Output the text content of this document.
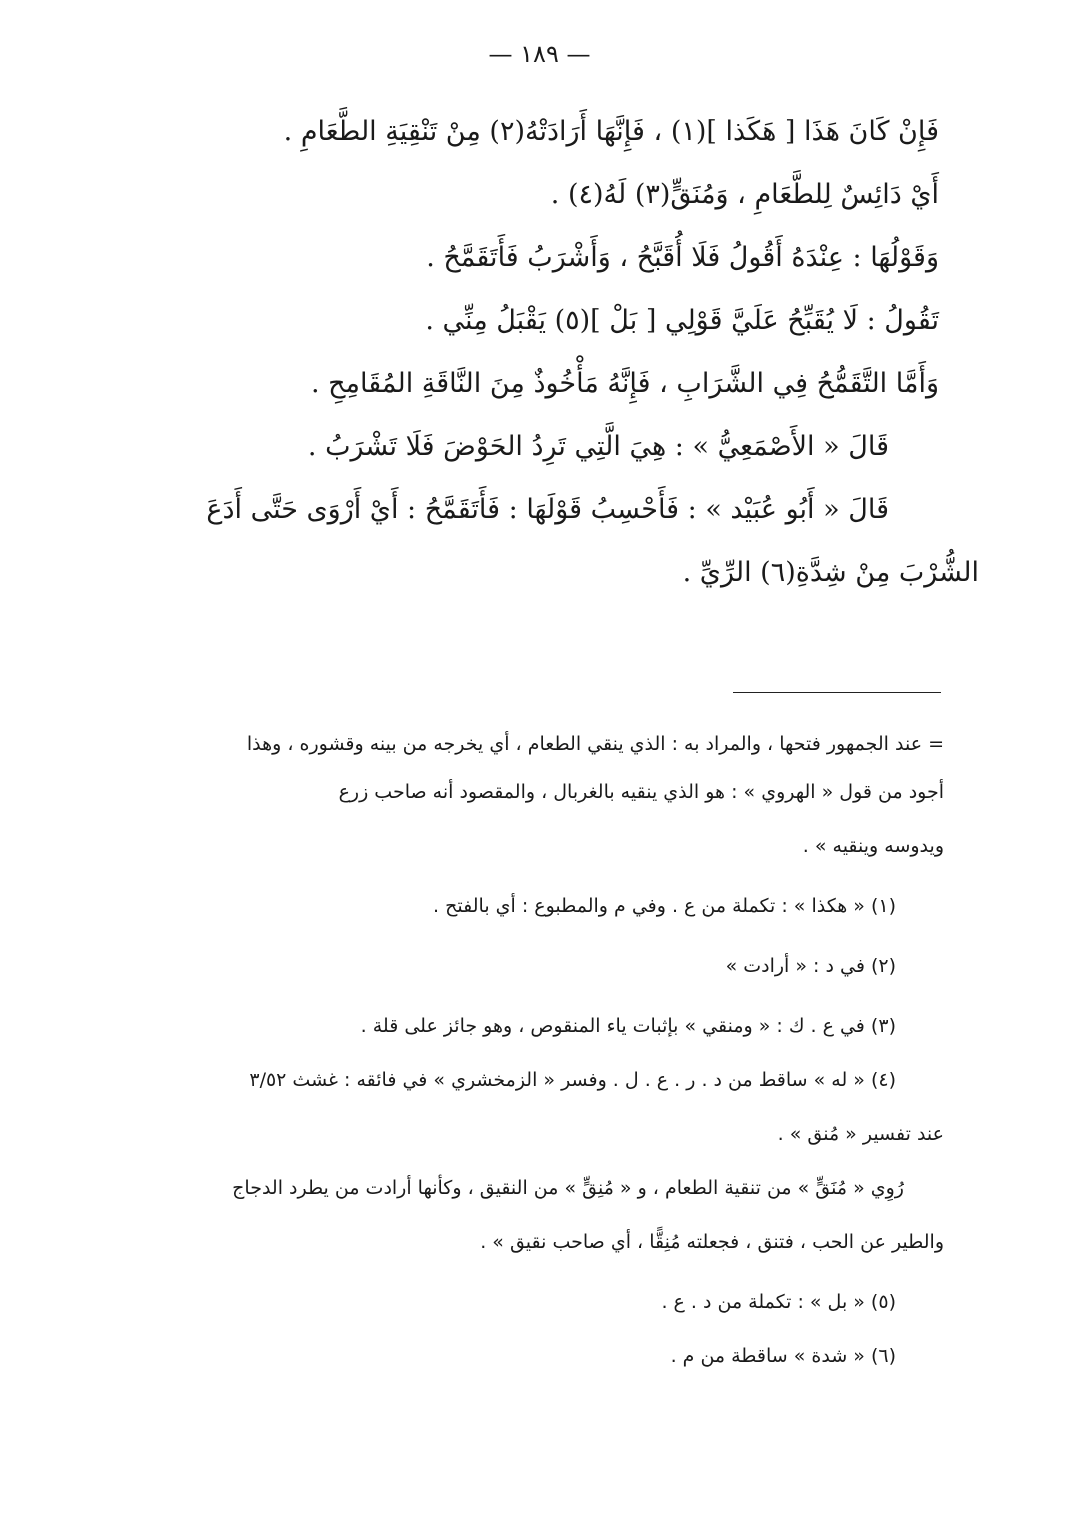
— ١٨٩ —
فَإِنْ كَانَ هَذَا [ هَكَذا ](١) ، فَإِنَّهَا أَرَادَتْهُ(٢) مِنْ تَنْقِيَةِ الطَّعَامِ .
أَيْ دَائِسٌ لِلطَّعَامِ ، وَمُنَقٍّ(٣) لَهُ(٤) .
وَقَوْلُهَا : عِنْدَهُ أَقُولُ فَلَا أُقَبَّحُ ، وَأَشْرَبُ فَأَتَقَمَّحُ .
تَقُولُ : لَا يُقَبِّحُ عَلَيَّ قَوْلِي [ بَلْ ](٥) يَقْبَلُ مِنِّي .
وَأَمَّا التَّقَمُّحُ فِي الشَّرَابِ ، فَإِنَّهُ مَأْخُوذٌ مِنَ النَّاقَةِ المُقَامِحِ .
قَالَ « الأَصْمَعِيُّ » : هِيَ الَّتِي تَرِدُ الحَوْضَ فَلَا تَشْرَبُ .
قَالَ « أَبُو عُبَيْد » : فَأَحْسِبُ قَوْلَهَا : فَأَتَقَمَّحُ : أَيْ أَرْوَى حَتَّى أَدَعَ
الشُّرْبَ مِنْ شِدَّةِ(٦) الرِّيِّ .
= عند الجمهور فتحها ، والمراد به : الذي ينقي الطعام ، أي يخرجه من بينه وقشوره ، وهذا
أجود من قول « الهروي » : هو الذي ينقيه بالغربال ، والمقصود أنه صاحب زرع
ويدوسه وينقيه » .
(١) « هكذا » : تكملة من ع . وفي م والمطبوع : أي بالفتح .
(٢) في د : « أرادت »
(٣) في ع . ك : « ومنقي » بإثبات ياء المنقوص ، وهو جائز على قلة .
(٤) « له » ساقط من د . ر . ع . ل . وفسر « الزمخشري » في فائقه : غشث ٣/٥٢
عند تفسير « مُنق » .
رُوِي « مُنَقٍّ » من تنقية الطعام ، و « مُنِقٍّ » من النقيق ، وكأنها أرادت من يطرد الدجاج
والطير عن الحب ، فتنق ، فجعلته مُنِقًّا ، أي صاحب نقيق » .
(٥) « بل » : تكملة من د . ع .
(٦) « شدة » ساقطة من م .
